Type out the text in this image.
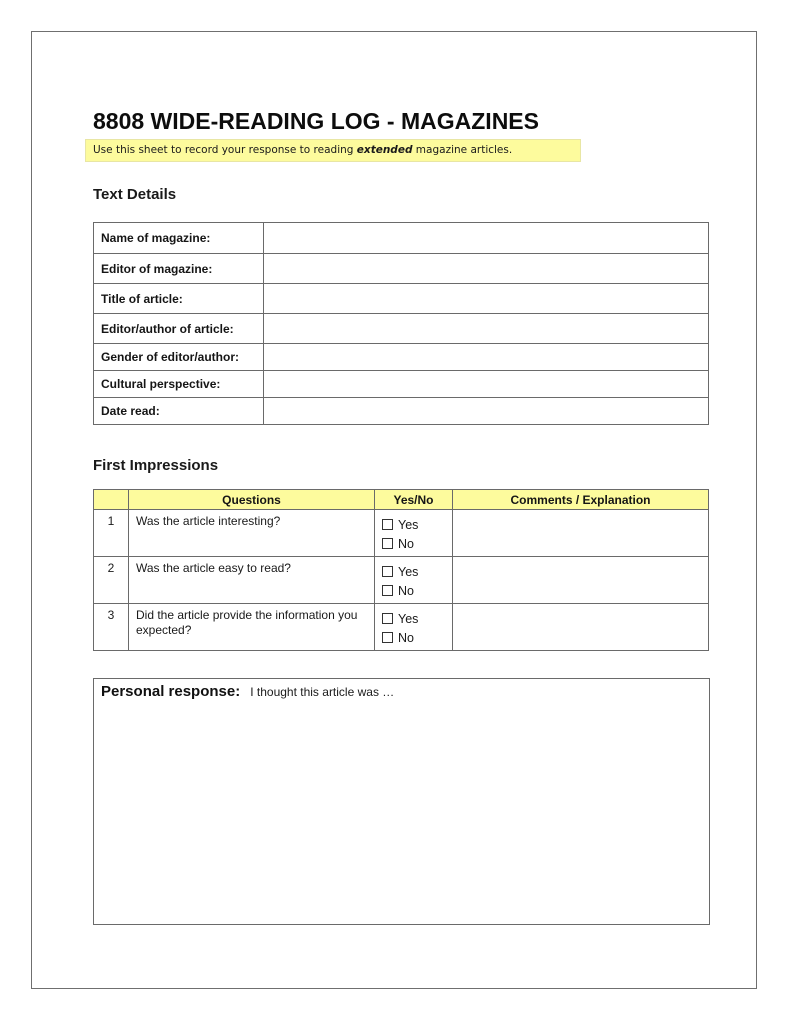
8808 WIDE-READING LOG - MAGAZINES
Use this sheet to record your response to reading extended magazine articles.
Text Details
Name of magazine:	
Editor of magazine:	
Title of article:	
Editor/author of article:	
Gender of editor/author:	
Cultural perspective:	
Date read:	
First Impressions
	Questions	Yes/No	Comments / Explanation
1	Was the article interesting?	Yes
No	

2	Was the article easy to read?	Yes
No	

3	Did the article provide the information you expected?	Yes
No	

Personal response: I thought this article was …
